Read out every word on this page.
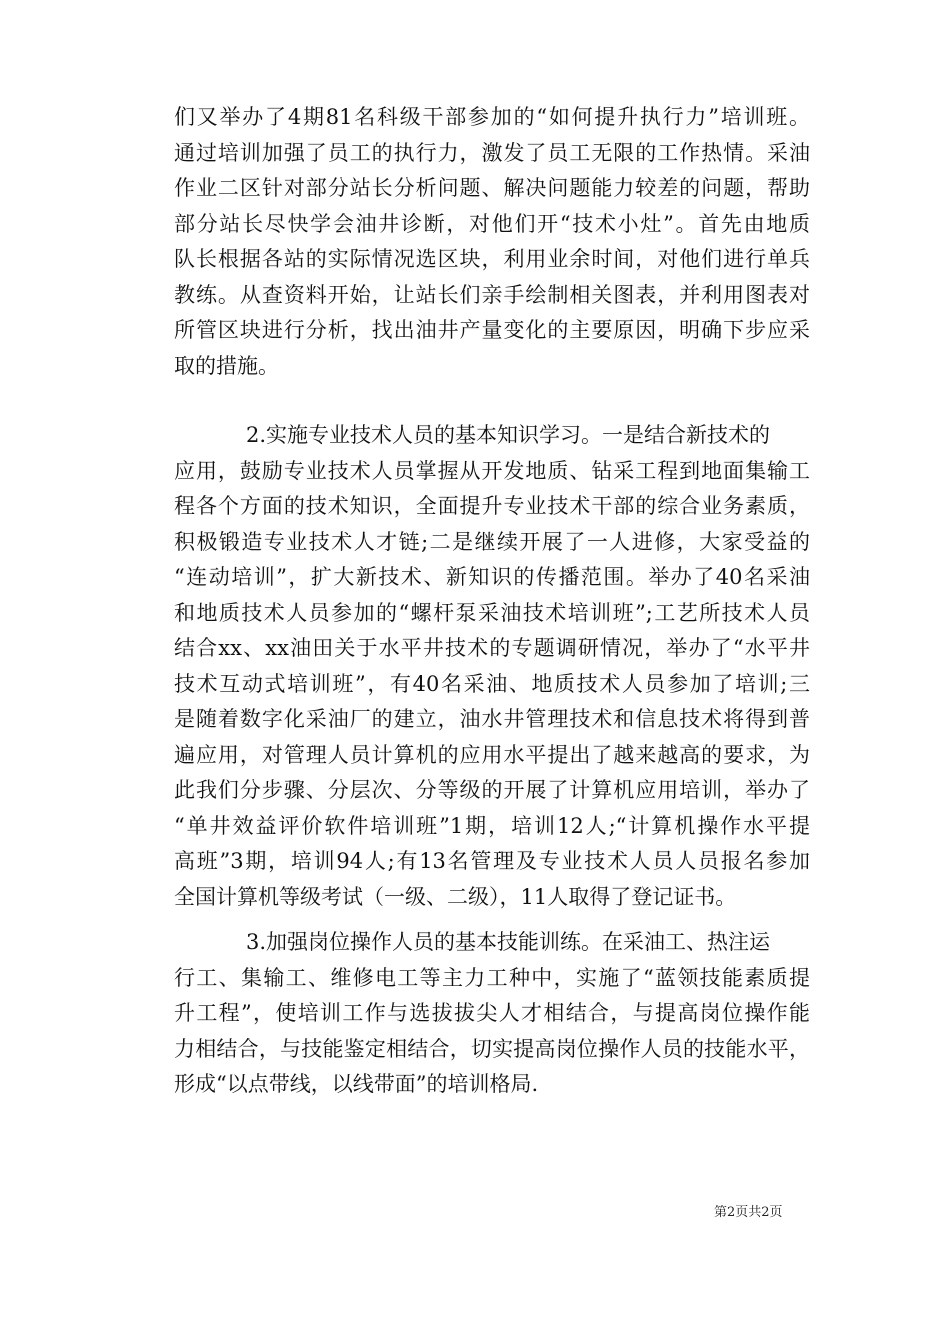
们又举办了4期81名科级干部参加的“如何提升执行力”培训班。
通过培训加强了员工的执行力，激发了员工无限的工作热情。采油
作业二区针对部分站长分析问题、解决问题能力较差的问题，帮助
部分站长尽快学会油井诊断，对他们开“技术小灶”。首先由地质
队长根据各站的实际情况选区块，利用业余时间，对他们进行单兵
教练。从查资料开始，让站长们亲手绘制相关图表，并利用图表对
所管区块进行分析，找出油井产量变化的主要原因，明确下步应采
取的措施。
2.实施专业技术人员的基本知识学习。一是结合新技术的
应用，鼓励专业技术人员掌握从开发地质、钻采工程到地面集输工
程各个方面的技术知识，全面提升专业技术干部的综合业务素质，
积极锻造专业技术人才链;二是继续开展了一人进修，大家受益的
“连动培训”，扩大新技术、新知识的传播范围。举办了40名采油
和地质技术人员参加的“螺杆泵采油技术培训班”;工艺所技术人员
结合xx、xx油田关于水平井技术的专题调研情况，举办了“水平井
技术互动式培训班”，有40名采油、地质技术人员参加了培训;三
是随着数字化采油厂的建立，油水井管理技术和信息技术将得到普
遍应用，对管理人员计算机的应用水平提出了越来越高的要求，为
此我们分步骤、分层次、分等级的开展了计算机应用培训，举办了
“单井效益评价软件培训班”1期，培训12人;“计算机操作水平提
高班”3期，培训94人;有13名管理及专业技术人员人员报名参加
全国计算机等级考试（一级、二级），11人取得了登记证书。
3.加强岗位操作人员的基本技能训练。在采油工、热注运
行工、集输工、维修电工等主力工种中，实施了“蓝领技能素质提
升工程”，使培训工作与选拔拔尖人才相结合，与提高岗位操作能
力相结合，与技能鉴定相结合，切实提高岗位操作人员的技能水平，
形成“以点带线，以线带面”的培训格局.
第2页共2页
